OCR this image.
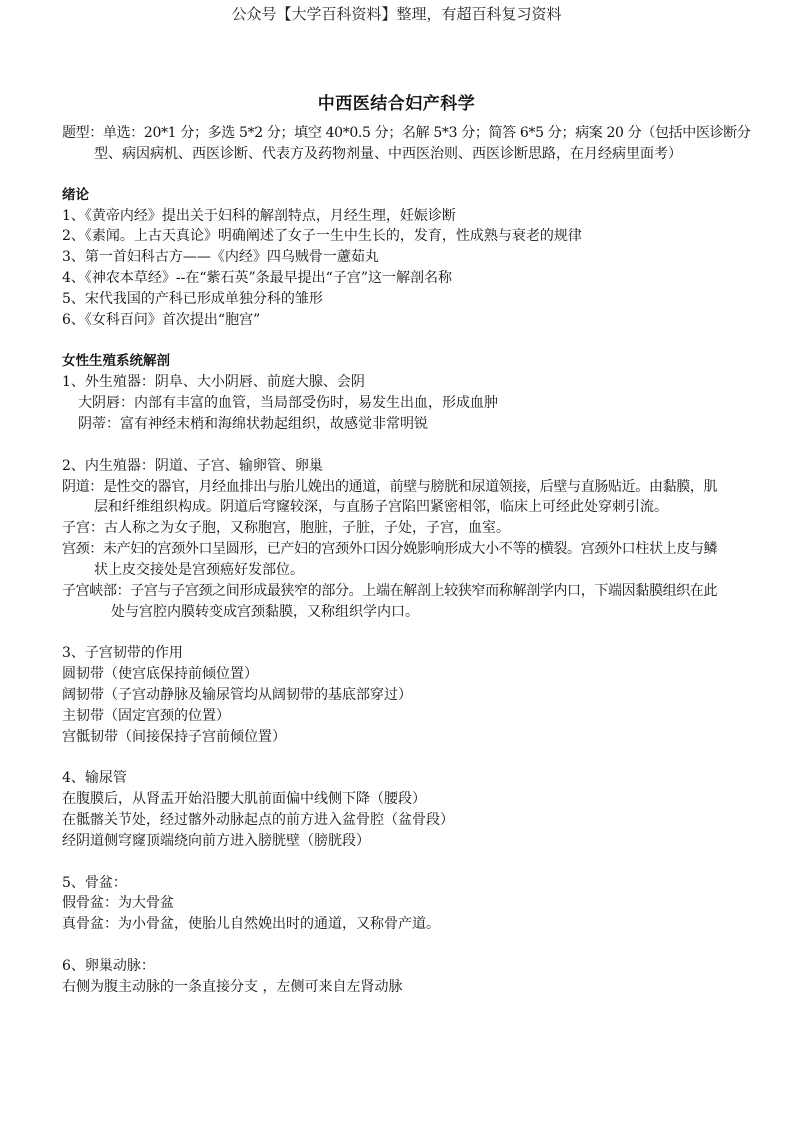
公众号【大学百科资料】整理，有超百科复习资料
中西医结合妇产科学
题型：单选：20*1 分；多选 5*2 分；填空 40*0.5 分；名解 5*3 分；简答 6*5 分；病案 20 分（包括中医诊断分
型、病因病机、西医诊断、代表方及药物剂量、中西医治则、西医诊断思路，在月经病里面考）
绪论
1、《黄帝内经》提出关于妇科的解剖特点，月经生理，妊娠诊断
2、《素闻。上古天真论》明确阐述了女子一生中生长的，发育，性成熟与衰老的规律
3、第一首妇科古方——《内经》四乌贼骨一藘茹丸
4、《神农本草经》--在“紫石英”条最早提出“子宫”这一解剖名称
5、宋代我国的产科已形成单独分科的雏形
6、《女科百问》首次提出“胞宫”
女性生殖系统解剖
1、外生殖器：阴阜、大小阴唇、前庭大腺、会阴
大阴唇：内部有丰富的血管，当局部受伤时，易发生出血，形成血肿
阴蒂：富有神经末梢和海绵状勃起组织，故感觉非常明锐
2、内生殖器：阴道、子宫、输卵管、卵巢
阴道：是性交的器官，月经血排出与胎儿娩出的通道，前壁与膀胱和尿道领接，后壁与直肠贴近。由黏膜，肌
层和纤维组织构成。阴道后穹窿较深，与直肠子宫陷凹紧密相邻，临床上可经此处穿刺引流。
子宫：古人称之为女子胞，又称胞宫，胞脏，子脏，子处，子宫，血室。
宫颈：未产妇的宫颈外口呈圆形，已产妇的宫颈外口因分娩影响形成大小不等的横裂。宫颈外口柱状上皮与鳞
状上皮交接处是宫颈癌好发部位。
子宫峡部：子宫与子宫颈之间形成最狭窄的部分。上端在解剖上较狭窄而称解剖学内口，下端因黏膜组织在此
处与宫腔内膜转变成宫颈黏膜，又称组织学内口。
3、子宫韧带的作用
圆韧带（使宫底保持前倾位置）
阔韧带（子宫动静脉及输尿管均从阔韧带的基底部穿过）
主韧带（固定宫颈的位置）
宫骶韧带（间接保持子宫前倾位置）
4、输尿管
在腹膜后，从肾盂开始沿腰大肌前面偏中线侧下降（腰段）
在骶髂关节处，经过髂外动脉起点的前方进入盆骨腔（盆骨段）
经阴道侧穹窿顶端绕向前方进入膀胱壁（膀胱段）
5、骨盆：
假骨盆：为大骨盆
真骨盆：为小骨盆，使胎儿自然娩出时的通道，又称骨产道。
6、卵巢动脉：
右侧为腹主动脉的一条直接分支 ，左侧可来自左肾动脉
